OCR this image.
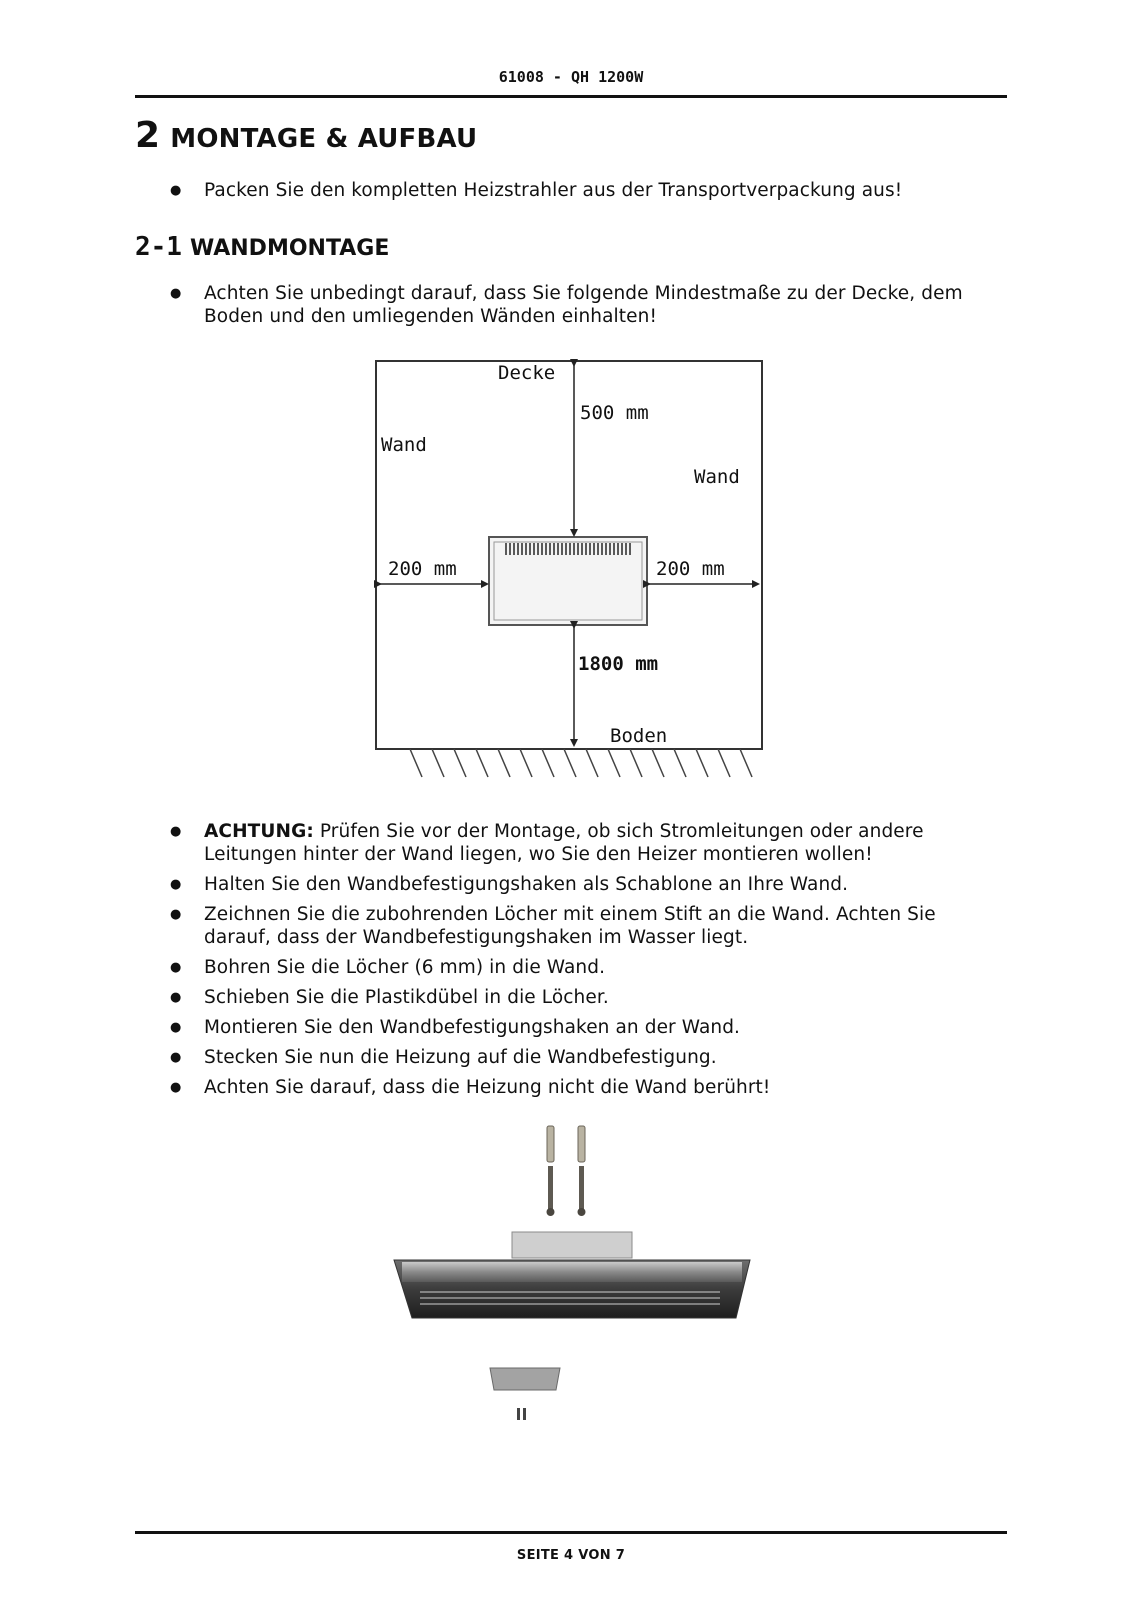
61008 - QH 1200W
2 MONTAGE & AUFBAU
● Packen Sie den kompletten Heizstrahler aus der Transportverpackung aus!
2-1 WANDMONTAGE
● Achten Sie unbedingt darauf, dass Sie folgende Mindestmaße zu der Decke, dem Boden und den umliegenden Wänden einhalten!
Decke
500 mm
Wand
Wand
200 mm	200 mm
1800 mm
Boden
● ACHTUNG: Prüfen Sie vor der Montage, ob sich Stromleitungen oder andere Leitungen hinter der Wand liegen, wo Sie den Heizer montieren wollen!
● Halten Sie den Wandbefestigungshaken als Schablone an Ihre Wand.
● Zeichnen Sie die zubohrenden Löcher mit einem Stift an die Wand. Achten Sie darauf, dass der Wandbefestigungshaken im Wasser liegt.
● Bohren Sie die Löcher (6 mm) in die Wand.
● Schieben Sie die Plastikdübel in die Löcher.
● Montieren Sie den Wandbefestigungshaken an der Wand.
● Stecken Sie nun die Heizung auf die Wandbefestigung.
● Achten Sie darauf, dass die Heizung nicht die Wand berührt!
SEITE 4 VON 7
